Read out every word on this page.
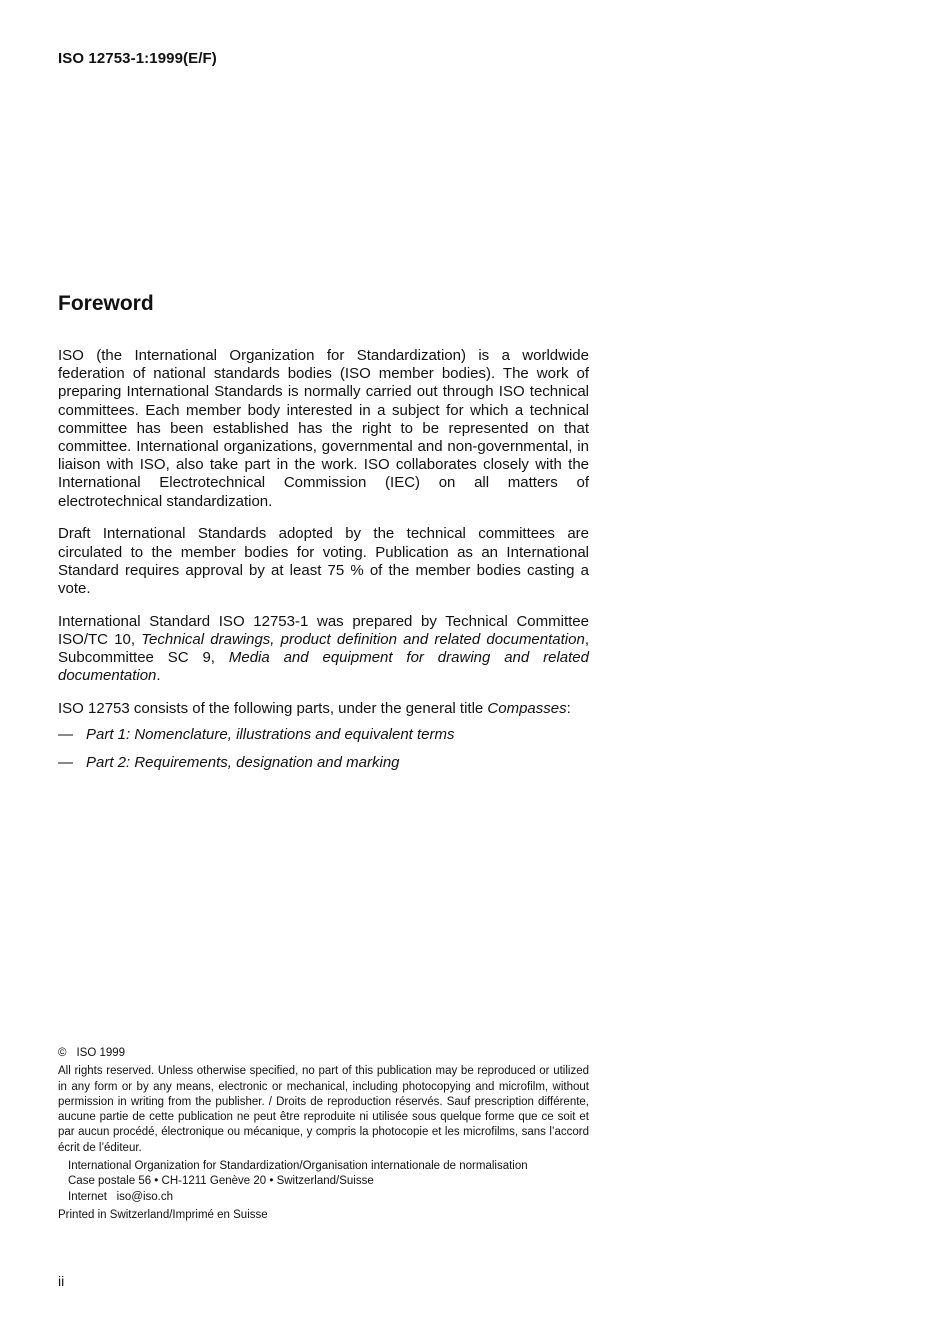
ISO 12753-1:1999(E/F)
Foreword

ISO (the International Organization for Standardization) is a worldwide federation of national standards bodies (ISO member bodies). The work of preparing International Standards is normally carried out through ISO technical committees. Each member body interested in a subject for which a technical committee has been established has the right to be represented on that committee. International organizations, governmental and non-governmental, in liaison with ISO, also take part in the work. ISO collaborates closely with the International Electrotechnical Commission (IEC) on all matters of electrotechnical standardization.

Draft International Standards adopted by the technical committees are circulated to the member bodies for voting. Publication as an International Standard requires approval by at least 75 % of the member bodies casting a vote.

International Standard ISO 12753-1 was prepared by Technical Committee ISO/TC 10, Technical drawings, product definition and related documentation, Subcommittee SC 9, Media and equipment for drawing and related documentation.

ISO 12753 consists of the following parts, under the general title Compasses:

— Part 1: Nomenclature, illustrations and equivalent terms
— Part 2: Requirements, designation and marking
© ISO 1999

All rights reserved. Unless otherwise specified, no part of this publication may be reproduced or utilized in any form or by any means, electronic or mechanical, including photocopying and microfilm, without permission in writing from the publisher. / Droits de reproduction réservés. Sauf prescription différente, aucune partie de cette publication ne peut être reproduite ni utilisée sous quelque forme que ce soit et par aucun procédé, électronique ou mécanique, y compris la photocopie et les microfilms, sans l’accord écrit de l’éditeur.

International Organization for Standardization/Organisation internationale de normalisation
Case postale 56 • CH-1211 Genève 20 • Switzerland/Suisse
Internet   iso@iso.ch
Printed in Switzerland/Imprimé en Suisse
ii
